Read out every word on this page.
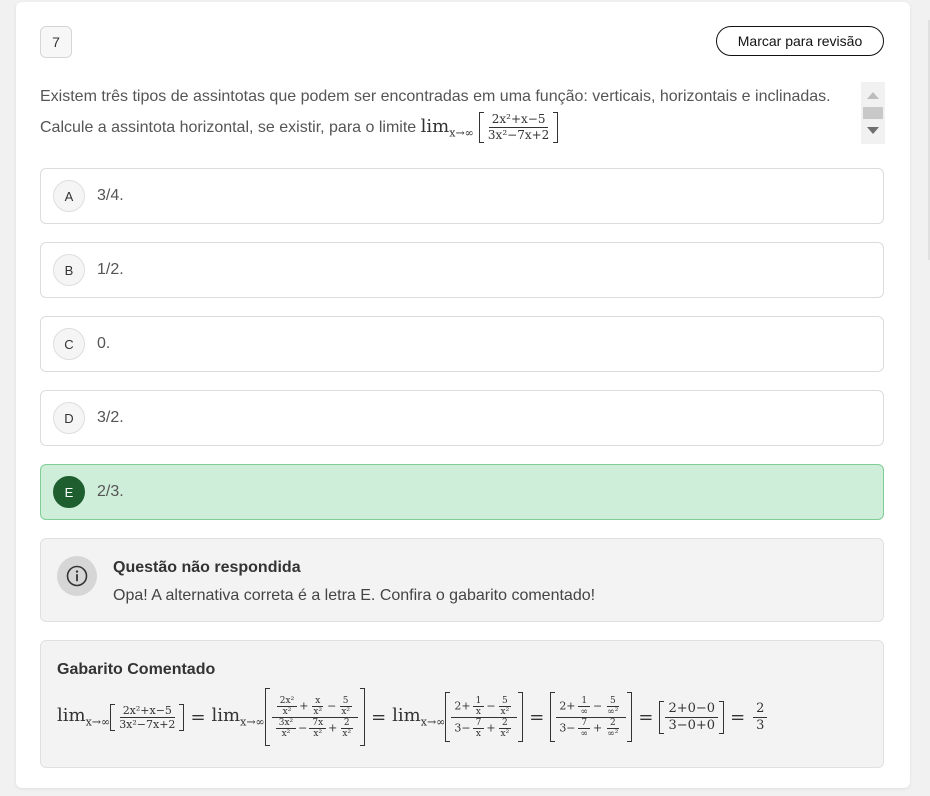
7	Marcar para revisão
Existem três tipos de assintotas que podem ser encontradas em uma função: verticais, horizontais e inclinadas. Calcule a assintota horizontal, se existir, para o limite $\lim_{x\to\infty} \frac{\text{2x²+x−5}}{\text{3x²−7x+2}}$
A	3/4.
B	1/2.
C	0.
D	3/2.
E	2/3.
Questão não respondida
Opa! A alternativa correta é a letra E. Confira o gabarito comentado!
Gabarito Comentado
$\lim_{x\to\infty} \frac{\text{2x²+x−5}}{\text{3x²−7x+2}} = \lim_{x\to\infty} \frac{\frac{\text{2x²}}{\text{x²}} + \frac{x}{\text{x²}} - \frac{5}{\text{x²}}}{\frac{\text{3x²}}{\text{x²}} - \frac{7x}{\text{x²}} + \frac{2}{\text{x²}}} = \lim_{x\to\infty} \frac{2+ \frac{1}{x} - \frac{5}{\text{x²}}}{3- \frac{7}{x} + \frac{2}{\text{x²}}} = \frac{2+ \frac{1}{\infty} - \frac{5}{\text{∞²}}}{3- \frac{7}{\infty} + \frac{2}{\text{∞²}}} = \frac{2+0-0}{3-0+0} = \frac{2}{3}$
